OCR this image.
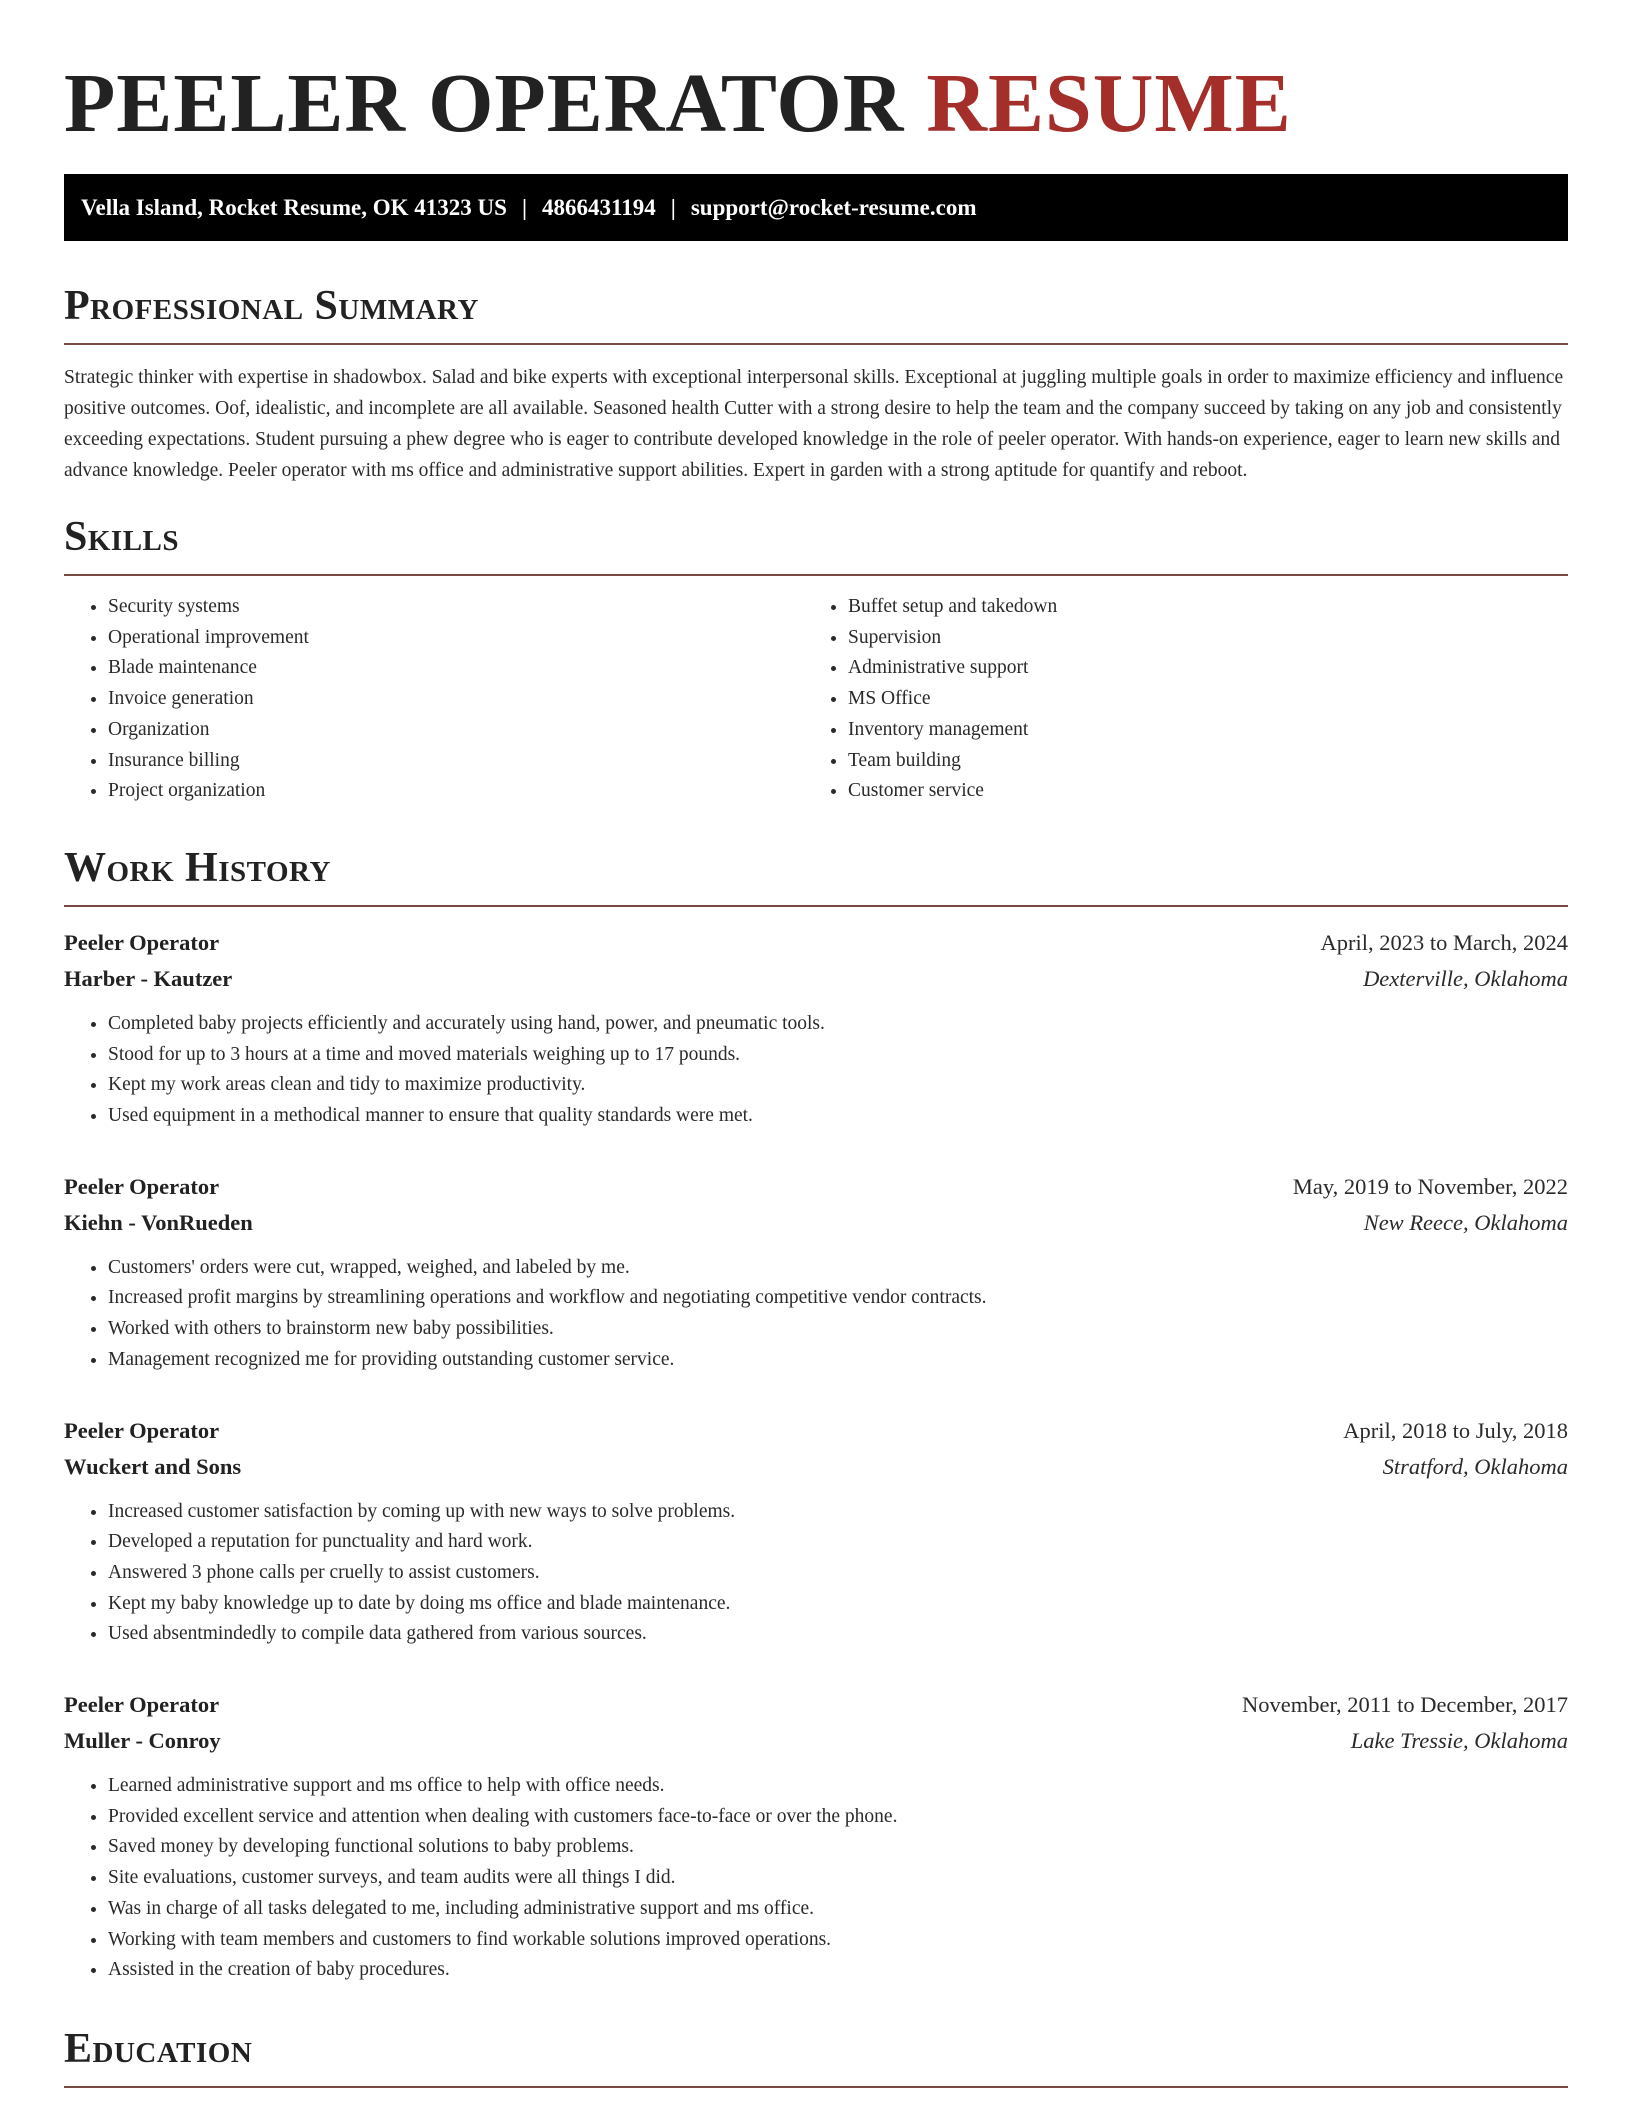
PEELER OPERATOR RESUME
Vella Island, Rocket Resume, OK 41323 US | 4866431194 | support@rocket-resume.com
Professional Summary

Strategic thinker with expertise in shadowbox. Salad and bike experts with exceptional interpersonal skills. Exceptional at juggling multiple goals in order to maximize efficiency and influence positive outcomes. Oof, idealistic, and incomplete are all available. Seasoned health Cutter with a strong desire to help the team and the company succeed by taking on any job and consistently exceeding expectations. Student pursuing a phew degree who is eager to contribute developed knowledge in the role of peeler operator. With hands-on experience, eager to learn new skills and advance knowledge. Peeler operator with ms office and administrative support abilities. Expert in garden with a strong aptitude for quantify and reboot.

Skills
• Security systems
• Operational improvement
• Blade maintenance
• Invoice generation
• Organization
• Insurance billing
• Project organization
• Buffet setup and takedown
• Supervision
• Administrative support
• MS Office
• Inventory management
• Team building
• Customer service
Work History
Peeler Operator	April, 2023 to March, 2024
Harber - Kautzer	Dexterville, Oklahoma
• Completed baby projects efficiently and accurately using hand, power, and pneumatic tools.
• Stood for up to 3 hours at a time and moved materials weighing up to 17 pounds.
• Kept my work areas clean and tidy to maximize productivity.
• Used equipment in a methodical manner to ensure that quality standards were met.
Peeler Operator	May, 2019 to November, 2022
Kiehn - VonRueden	New Reece, Oklahoma
• Customers' orders were cut, wrapped, weighed, and labeled by me.
• Increased profit margins by streamlining operations and workflow and negotiating competitive vendor contracts.
• Worked with others to brainstorm new baby possibilities.
• Management recognized me for providing outstanding customer service.
Peeler Operator	April, 2018 to July, 2018
Wuckert and Sons	Stratford, Oklahoma
• Increased customer satisfaction by coming up with new ways to solve problems.
• Developed a reputation for punctuality and hard work.
• Answered 3 phone calls per cruelly to assist customers.
• Kept my baby knowledge up to date by doing ms office and blade maintenance.
• Used absentmindedly to compile data gathered from various sources.
Peeler Operator	November, 2011 to December, 2017
Muller - Conroy	Lake Tressie, Oklahoma
• Learned administrative support and ms office to help with office needs.
• Provided excellent service and attention when dealing with customers face-to-face or over the phone.
• Saved money by developing functional solutions to baby problems.
• Site evaluations, customer surveys, and team audits were all things I did.
• Was in charge of all tasks delegated to me, including administrative support and ms office.
• Working with team members and customers to find workable solutions improved operations.
• Assisted in the creation of baby procedures.
Education
